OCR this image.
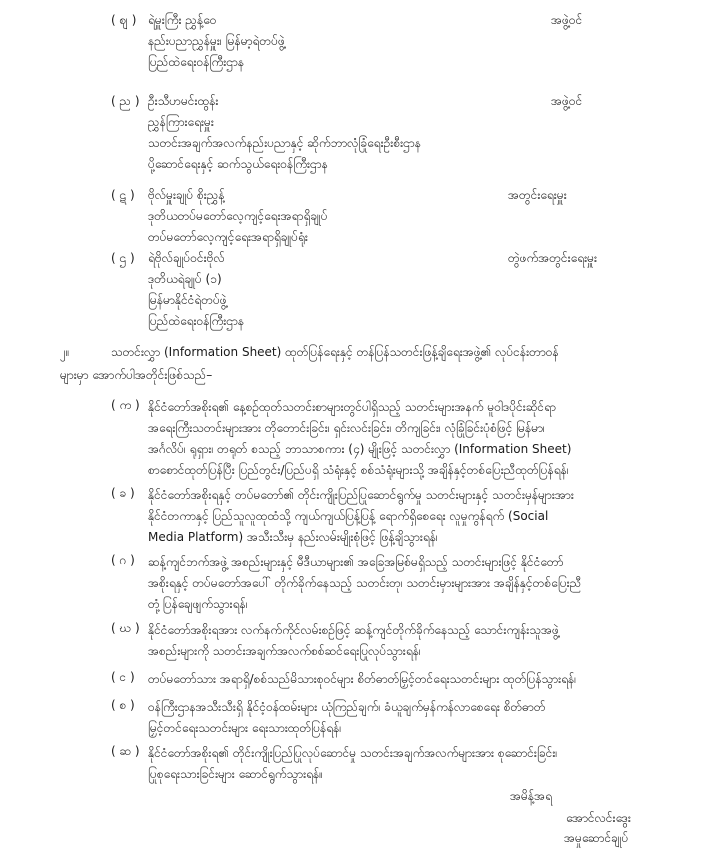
( ဈ ) ရဲမှူးကြီး ညွှန့်ဝေ	အဖွဲ့ဝင်
နည်းပညာညွှန်မှူး၊ မြန်မာ့ရဲတပ်ဖွဲ့
ပြည်ထဲရေးဝန်ကြီးဌာန
( ည ) ဦးသီဟမင်းထွန်း	အဖွဲ့ဝင်
ညွှန်ကြားရေးမှူး
သတင်းအချက်အလက်နည်းပညာနှင့် ဆိုက်ဘာလုံခြုံရေးဦးစီးဌာန
ပို့ဆောင်ရေးနှင့် ဆက်သွယ်ရေးဝန်ကြီးဌာန
( ဋ ) ဗိုလ်မှူးချုပ် စိုးညွှန့်	အတွင်းရေးမှူး
ဒုတိယတပ်မတော်လေ့ကျင့်ရေးအရာရှိချုပ်
တပ်မတော်လေ့ကျင့်ရေးအရာရှိချုပ်ရုံး
( ဌ ) ရဲဗိုလ်ချုပ်ဝင်းဗိုလ်	တွဲဖက်အတွင်းရေးမှူး
ဒုတိယရဲချုပ် (၁)
မြန်မာနိုင်ငံရဲတပ်ဖွဲ့
ပြည်ထဲရေးဝန်ကြီးဌာန
၂။	သတင်းလွှာ (Information Sheet) ထုတ်ပြန်ရေးနှင့် တန်ပြန်သတင်းဖြန့်ချိရေးအဖွဲ့၏ လုပ်ငန်းတာဝန်
များမှာ အောက်ပါအတိုင်းဖြစ်သည်–
( က ) နိုင်ငံတော်အစိုးရ၏ နေ့စဉ်ထုတ်သတင်းစာများတွင်ပါရှိသည့် သတင်းများအနက် မူဝါဒပိုင်းဆိုင်ရာ
အရေးကြီးသတင်းများအား တိုတောင်းခြင်း၊ ရှင်းလင်းခြင်း၊ တိကျခြင်း၊ လုံခြုံခြင်းပုံစံဖြင့် မြန်မာ၊
အင်္ဂလိပ်၊ ရုရှား၊ တရုတ် စသည့် ဘာသာစကား (၄) မျိုးဖြင့် သတင်းလွှာ (Information Sheet)
စာစောင်ထုတ်ပြန်ပြီး ပြည်တွင်း/ပြည်ပရှိ သံရုံးနှင့် စစ်သံရုံးများသို့ အချိန်နှင့်တစ်ပြေးညီထုတ်ပြန်ရန်၊
( ခ ) နိုင်ငံတော်အစိုးရနှင့် တပ်မတော်၏ တိုင်းကျိုးပြည်ပြုဆောင်ရွက်မှု သတင်းများနှင့် သတင်းမှန်များအား
နိုင်ငံတကာနှင့် ပြည်သူလူထုထံသို့ ကျယ်ကျယ်ပြန့်ပြန့် ရောက်ရှိစေရေး လူမှုကွန်ရက် (Social
Media Platform) အသီးသီးမှ နည်းလမ်းမျိုးစုံဖြင့် ဖြန့်ချိသွားရန်၊
( ဂ ) ဆန့်ကျင်ဘက်အဖွဲ့ အစည်းများနှင့် မီဒီယာများ၏ အခြေအမြစ်မရှိသည့် သတင်းများဖြင့် နိုင်ငံတော်
အစိုးရနှင့် တပ်မတော်အပေါ် တိုက်ခိုက်နေသည့် သတင်းတု၊ သတင်းမှားများအား အချိန်နှင့်တစ်ပြေးညီ
တုံ့ပြန်ချေဖျက်သွားရန်၊
( ဃ ) နိုင်ငံတော်အစိုးရအား လက်နက်ကိုင်လမ်းစဉ်ဖြင့် ဆန့်ကျင်တိုက်ခိုက်နေသည့် သောင်းကျန်းသူအဖွဲ့
အစည်းများကို သတင်းအချက်အလက်စစ်ဆင်ရေးပြုလုပ်သွားရန်၊
( င ) တပ်မတော်သား အရာရှိ/စစ်သည်မိသားစုဝင်များ စိတ်ဓာတ်မြှင့်တင်ရေးသတင်းများ ထုတ်ပြန်သွားရန်၊
( စ ) ဝန်ကြီးဌာနအသီးသီးရှိ နိုင်ငံ့ဝန်ထမ်းများ ယုံကြည်ချက်၊ ခံယူချက်မှန်ကန်လာစေရေး စိတ်ဓာတ်
မြှင့်တင်ရေးသတင်းများ ရေးသားထုတ်ပြန်ရန်၊
( ဆ ) နိုင်ငံတော်အစိုးရ၏ တိုင်းကျိုးပြည်ပြုလုပ်ဆောင်မှု သတင်းအချက်အလက်များအား စုဆောင်းခြင်း၊
ပြုစုရေးသားခြင်းများ ဆောင်ရွက်သွားရန်။
အမိန့်အရ
အောင်လင်းဒွေး
အမှုဆောင်ချုပ်
